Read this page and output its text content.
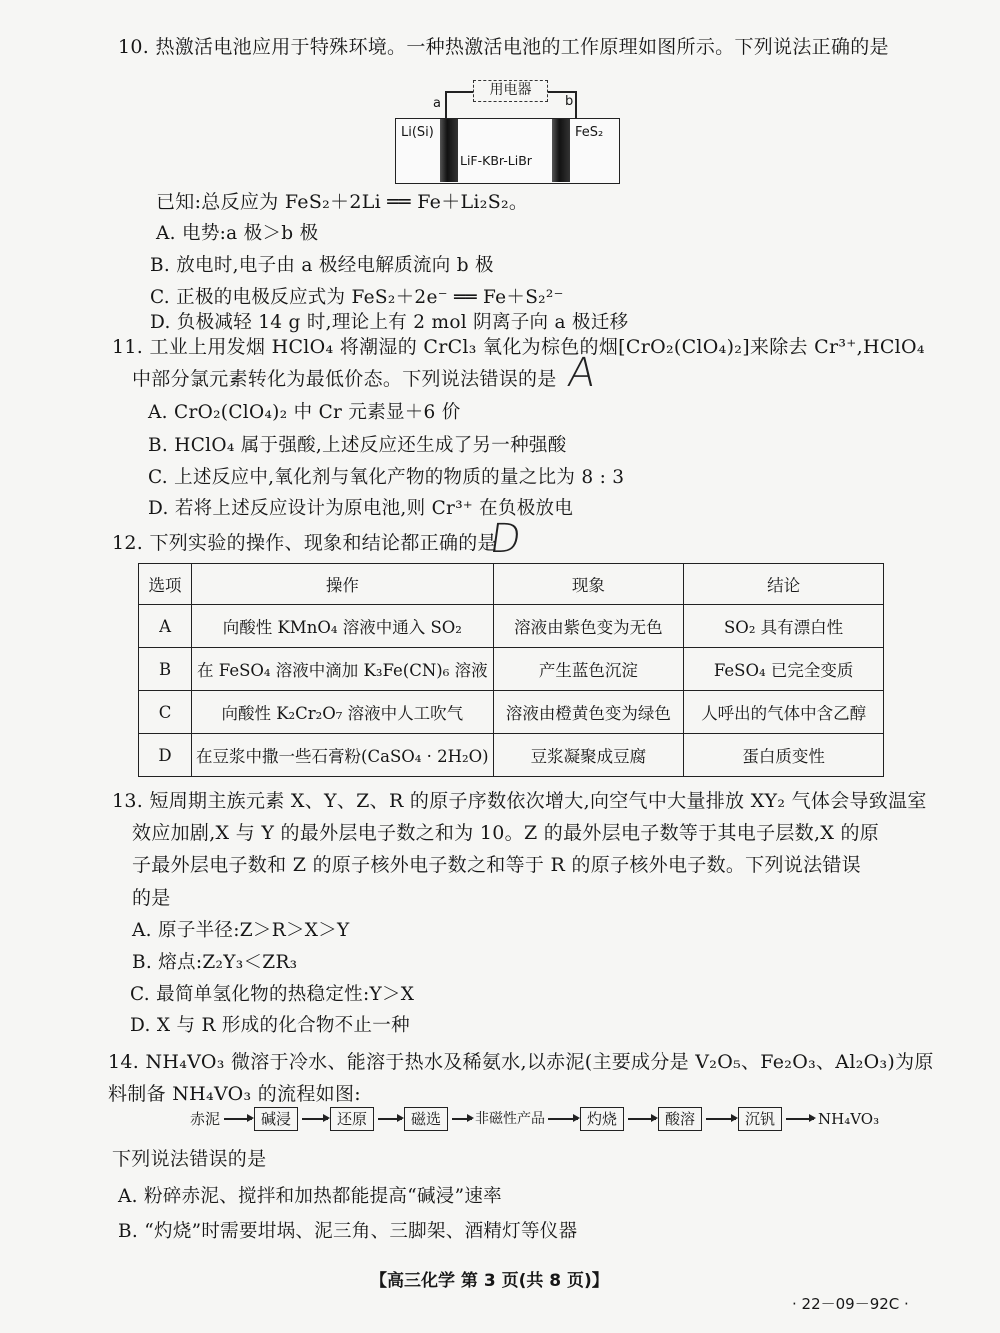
10. 热激活电池应用于特殊环境。一种热激活电池的工作原理如图所示。下列说法正确的是
用电器
a	b
Li(Si)	FeS₂
LiF-KBr-LiBr
已知:总反应为 FeS₂＋2Li ══ Fe＋Li₂S₂。
A. 电势:a 极＞b 极
B. 放电时,电子由 a 极经电解质流向 b 极
C. 正极的电极反应式为 FeS₂＋2e⁻ ══ Fe＋S₂²⁻
D. 负极减轻 14 g 时,理论上有 2 mol 阴离子向 a 极迁移
11. 工业上用发烟 HClO₄ 将潮湿的 CrCl₃ 氧化为棕色的烟[CrO₂(ClO₄)₂]来除去 Cr³⁺,HClO₄
中部分氯元素转化为最低价态。下列说法错误的是 A
A. CrO₂(ClO₄)₂ 中 Cr 元素显＋6 价
B. HClO₄ 属于强酸,上述反应还生成了另一种强酸
C. 上述反应中,氧化剂与氧化产物的物质的量之比为 8 : 3
D. 若将上述反应设计为原电池,则 Cr³⁺ 在负极放电
12. 下列实验的操作、现象和结论都正确的是
D
选项	操作	现象	结论
A	向酸性 KMnO₄ 溶液中通入 SO₂	溶液由紫色变为无色	SO₂ 具有漂白性
B	在 FeSO₄ 溶液中滴加 K₃Fe(CN)₆ 溶液	产生蓝色沉淀	FeSO₄ 已完全变质
C	向酸性 K₂Cr₂O₇ 溶液中人工吹气	溶液由橙黄色变为绿色	人呼出的气体中含乙醇
D	在豆浆中撒一些石膏粉(CaSO₄ · 2H₂O)	豆浆凝聚成豆腐	蛋白质变性
13. 短周期主族元素 X、Y、Z、R 的原子序数依次增大,向空气中大量排放 XY₂ 气体会导致温室
效应加剧,X 与 Y 的最外层电子数之和为 10。Z 的最外层电子数等于其电子层数,X 的原
子最外层电子数和 Z 的原子核外电子数之和等于 R 的原子核外电子数。下列说法错误
的是
A. 原子半径:Z＞R＞X＞Y
B. 熔点:Z₂Y₃＜ZR₃
C. 最简单氢化物的热稳定性:Y＞X
D. X 与 R 形成的化合物不止一种
14. NH₄VO₃ 微溶于冷水、能溶于热水及稀氨水,以赤泥(主要成分是 V₂O₅、Fe₂O₃、Al₂O₃)为原
料制备 NH₄VO₃ 的流程如图:
赤泥	碱浸	还原	磁选	非磁性产品	灼烧	酸溶	沉钒	NH₄VO₃
下列说法错误的是
A. 粉碎赤泥、搅拌和加热都能提高“碱浸”速率
B. “灼烧”时需要坩埚、泥三角、三脚架、酒精灯等仪器
【高三化学 第 3 页(共 8 页)】
· 22－09－92C ·
